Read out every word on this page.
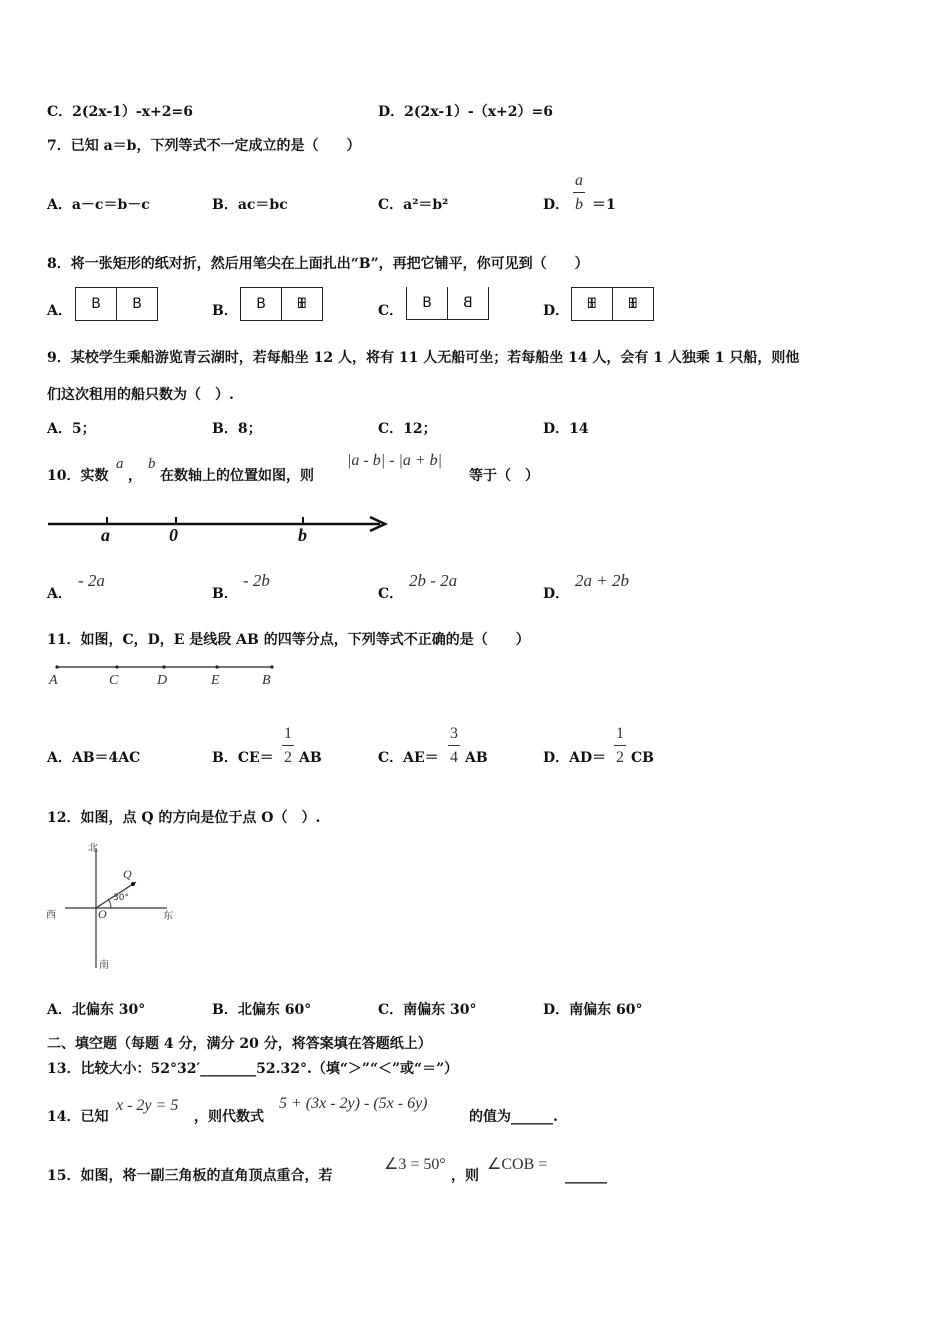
C．2(2x-1）-x+2=6	D．2(2x-1）-（x+2）=6
7．已知 a＝b，下列等式不一定成立的是（　　）
A．a－c＝b－c	B．ac＝bc	C．a²＝b²	D．
a
b ＝1
8．将一张矩形的纸对折，然后用笔尖在上面扎出“B”，再把它铺平，你可见到（　　）
A．	B	B	B．	B	BB	C．	B	B	D． BB BB
9．某校学生乘船游览青云湖时，若每船坐 12 人，将有 11 人无船可坐；若每船坐 14 人，会有 1 人独乘 1 只船，则他
们这次租用的船只数为（　）.
A．5；	B．8；	C．12；	D．14
10．实数
a
，
b
在数轴上的位置如图，则
|a - b| - |a + b|
等于（　）
a	0	b
A．
- 2a
B．
- 2b
C．
2b - 2a
D．
2a + 2b
11．如图，C，D，E 是线段 AB 的四等分点，下列等式不正确的是（　　）
A	C	D	E	B
A．AB＝4AC	B．CE＝
1
2 AB	C．AE＝
3
4 AB	D．AD＝
1
2 CB
12．如图，点 Q 的方向是位于点 O（　）.
北
南
西	东
Q
O
30°
A．北偏东 30°	B．北偏东 60°	C．南偏东 30°	D．南偏东 60°
二、填空题（每题 4 分，满分 20 分，将答案填在答题纸上）
13．比较大小：52°32′________52.32°.（填“＞”“＜”或“＝”）
14．已知
x - 2y = 5
，则代数式
5 + (3x - 2y) - (5x - 6y)
的值为______.
15．如图，将一副三角板的直角顶点重合，若
∠3 = 50°
，则
∠COB =
______
